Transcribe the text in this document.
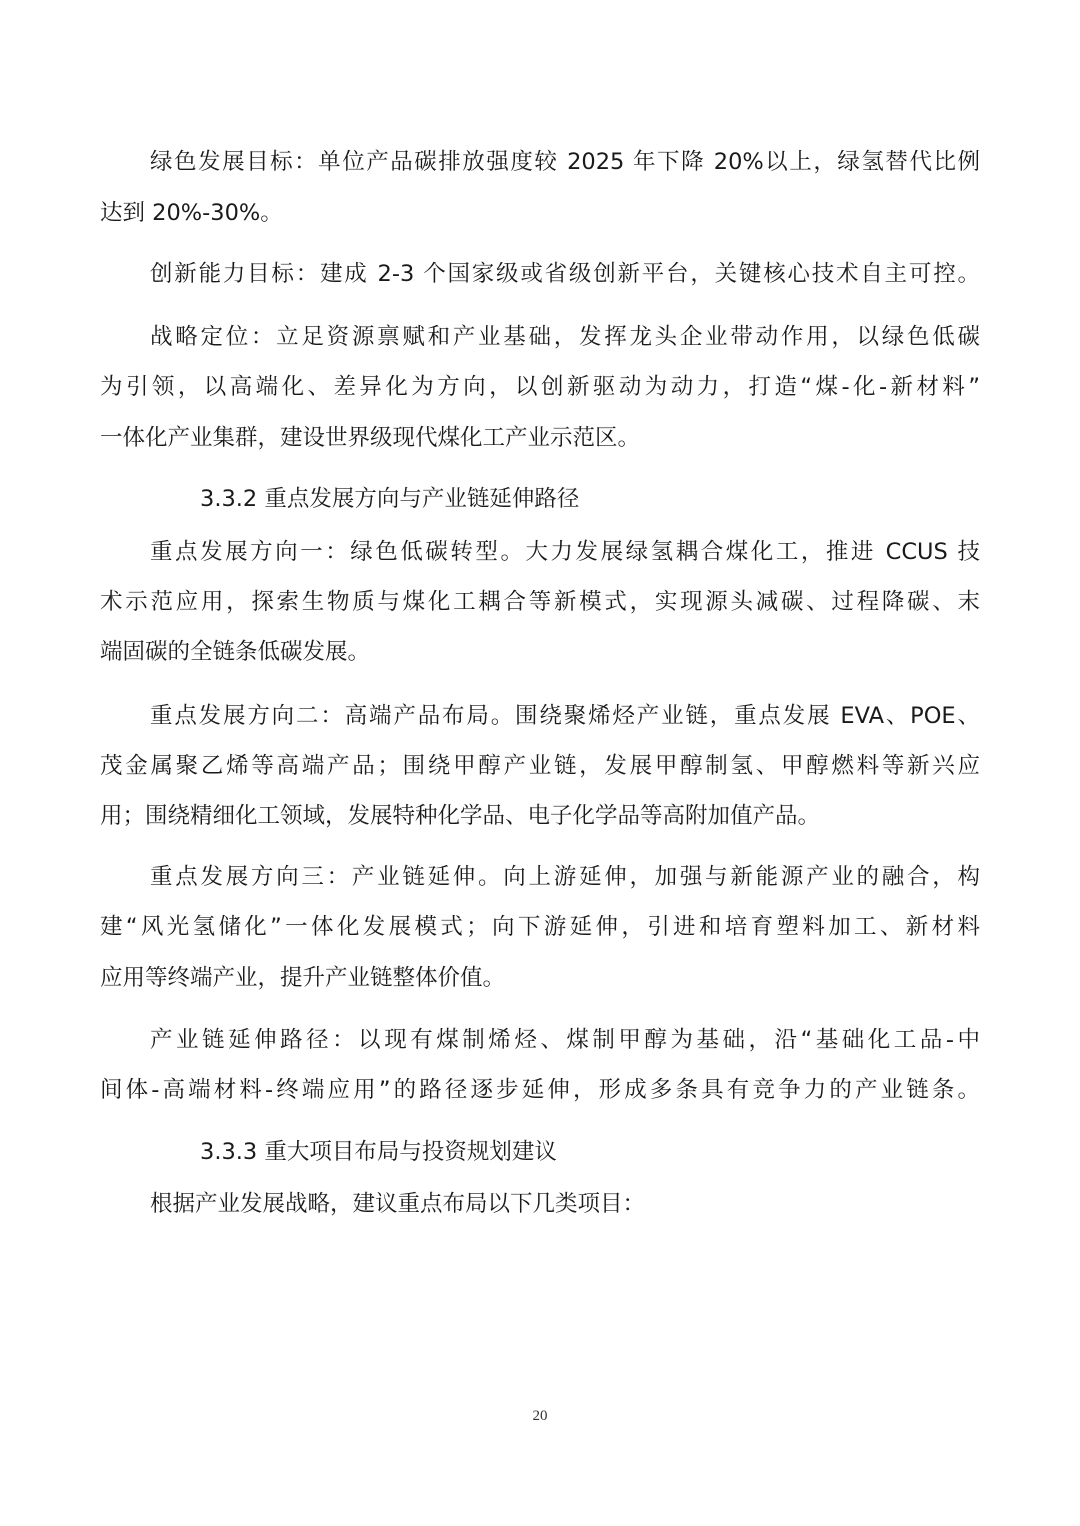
绿色发展目标：单位产品碳排放强度较 2025 年下降 20%以上，绿氢替代比例

达到 20%-30%。

创新能力目标：建成 2-3 个国家级或省级创新平台，关键核心技术自主可控。

战略定位：立足资源禀赋和产业基础，发挥龙头企业带动作用，以绿色低碳

为引领，以高端化、差异化为方向，以创新驱动为动力，打造“煤-化-新材料”

一体化产业集群，建设世界级现代煤化工产业示范区。

3.3.2 重点发展方向与产业链延伸路径

重点发展方向一：绿色低碳转型。大力发展绿氢耦合煤化工，推进 CCUS 技

术示范应用，探索生物质与煤化工耦合等新模式，实现源头减碳、过程降碳、末

端固碳的全链条低碳发展。

重点发展方向二：高端产品布局。围绕聚烯烃产业链，重点发展 EVA、POE、

茂金属聚乙烯等高端产品；围绕甲醇产业链，发展甲醇制氢、甲醇燃料等新兴应

用；围绕精细化工领域，发展特种化学品、电子化学品等高附加值产品。

重点发展方向三：产业链延伸。向上游延伸，加强与新能源产业的融合，构

建“风光氢储化”一体化发展模式；向下游延伸，引进和培育塑料加工、新材料

应用等终端产业，提升产业链整体价值。

产业链延伸路径：以现有煤制烯烃、煤制甲醇为基础，沿“基础化工品-中

间体-高端材料-终端应用”的路径逐步延伸，形成多条具有竞争力的产业链条。

3.3.3 重大项目布局与投资规划建议

根据产业发展战略，建议重点布局以下几类项目：

20
